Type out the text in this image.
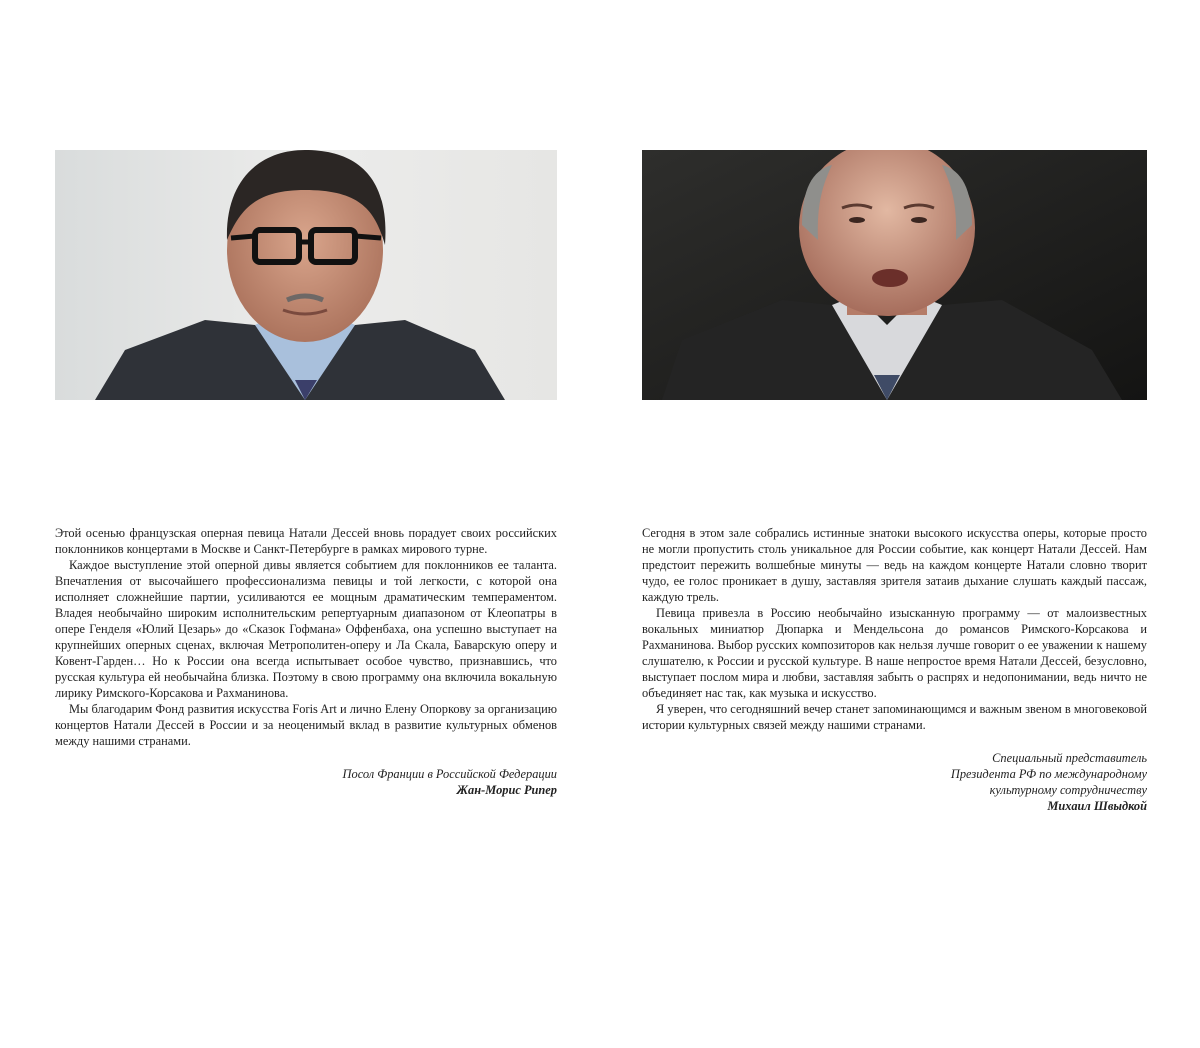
Этой осенью французская оперная певица Натали Дессей вновь порадует своих российских поклонников концертами в Москве и Санкт-Петербурге в рамках мирового турне.

Каждое выступление этой оперной дивы является событием для поклонников ее таланта. Впечатления от высочайшего профессионализма певицы и той легкости, с которой она исполняет сложнейшие партии, усиливаются ее мощным драматическим темпераментом. Владея необычайно широким исполнительским репертуарным диапазоном от Клеопатры в опере Генделя «Юлий Цезарь» до «Сказок Гофмана» Оффенбаха, она успешно выступает на крупнейших оперных сценах, включая Метрополитен-оперу и Ла Скала, Баварскую оперу и Ковент-Гарден… Но к России она всегда испытывает особое чувство, признавшись, что русская культура ей необычайна близка. Поэтому в свою программу она включила вокальную лирику Римского-Корсакова и Рахманинова.

Мы благодарим Фонд развития искусства Foris Art и лично Елену Опоркову за организацию концертов Натали Дессей в России и за неоценимый вклад в развитие культурных обменов между нашими странами.

Посол Франции в Российской Федерации
Жан-Морис Рипер

Сегодня в этом зале собрались истинные знатоки высокого искусства оперы, которые просто не могли пропустить столь уникальное для России событие, как концерт Натали Дессей. Нам предстоит пережить волшебные минуты — ведь на каждом концерте Натали словно творит чудо, ее голос проникает в душу, заставляя зрителя затаив дыхание слушать каждый пассаж, каждую трель.

Певица привезла в Россию необычайно изысканную программу — от малоизвестных вокальных миниатюр Дюпарка и Мендельсона до романсов Римского-Корсакова и Рахманинова. Выбор русских композиторов как нельзя лучше говорит о ее уважении к нашему слушателю, к России и русской культуре. В наше непростое время Натали Дессей, безусловно, выступает послом мира и любви, заставляя забыть о распрях и недопонимании, ведь ничто не объединяет нас так, как музыка и искусство.

Я уверен, что сегодняшний вечер станет запоминающимся и важным звеном в многовековой истории культурных связей между нашими странами.

Специальный представитель
Президента РФ по международному
культурному сотрудничеству
Михаил Швыдкой
